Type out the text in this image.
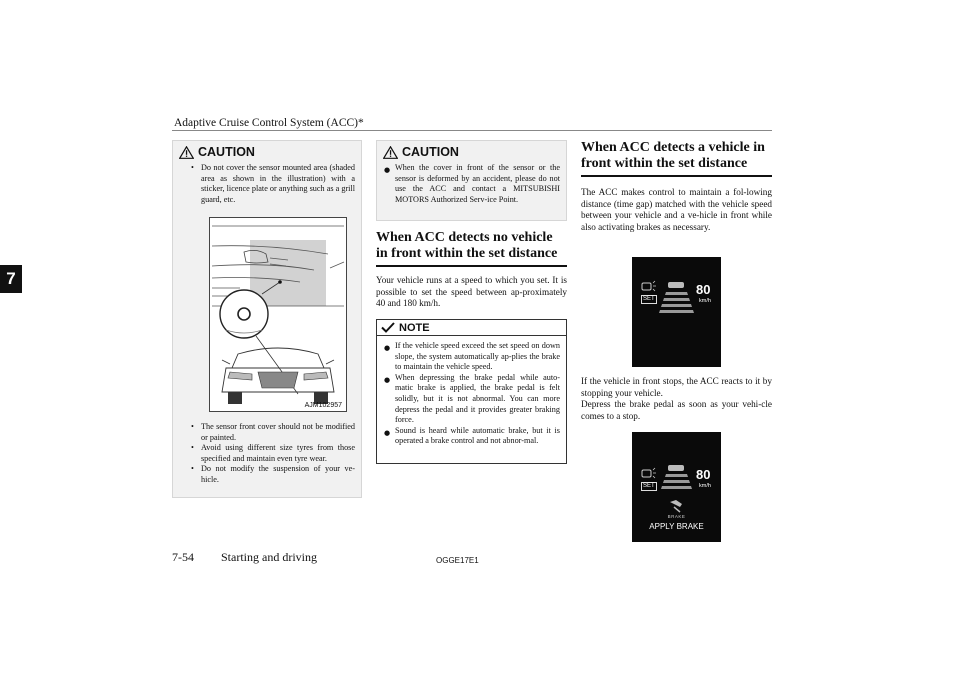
Adaptive Cruise Control System (ACC)*
7
CAUTION
• Do not cover the sensor mounted area (shaded area as shown in the illustration) with a sticker, licence plate or anything such as a grill guard, etc.
AJM102957
• The sensor front cover should not be modified or painted.
• Avoid using different size tyres from those specified and maintain even tyre wear.
• Do not modify the suspension of your ve-hicle.
CAUTION
● When the cover in front of the sensor or the sensor is deformed by an accident, please do not use the ACC and contact a MITSUBISHI MOTORS Authorized Serv-ice Point.
When ACC detects no vehicle in front within the set distance

Your vehicle runs at a speed to which you set. It is possible to set the speed between ap-proximately 40 and 180 km/h.

NOTE
● If the vehicle speed exceed the set speed on down slope, the system automatically ap-plies the brake to maintain the vehicle speed.
● When depressing the brake pedal while auto-matic brake is applied, the brake pedal is felt solidly, but it is not abnormal. You can more depress the pedal and it provides greater braking force.
● Sound is heard while automatic brake, but it is operated a brake control and not abnor-mal.
When ACC detects a vehicle in front within the set distance

The ACC makes control to maintain a fol-lowing distance (time gap) matched with the vehicle speed between your vehicle and a ve-hicle in front while also activating brakes as necessary.

SET
80
km/h

If the vehicle in front stops, the ACC reacts to it by stopping your vehicle.

Depress the brake pedal as soon as your vehi-cle comes to a stop.

SET
80
km/h
BRAKE
APPLY BRAKE
7-54 Starting and driving	OGGE17E1
